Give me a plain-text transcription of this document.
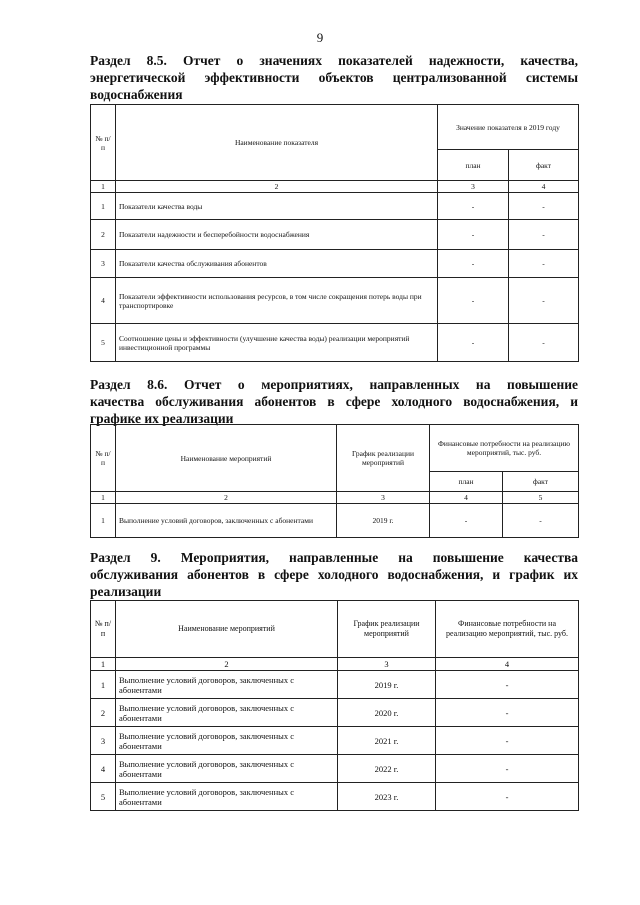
9
Раздел 8.5. Отчет о значениях показателей надежности, качества,
энергетической эффективности объектов централизованной системы
водоснабжения
№ п/п	Наименование показателя	Значение показателя в 2019 году	
		план	факт
1	2	3	4
1	Показатели качества воды	-	-
2	Показатели надежности и бесперебойности водоснабжения	-	-
3	Показатели качества обслуживания абонентов	-	-
4	Показатели эффективности использования ресурсов, в том числе сокращения потерь воды при транспортировке	-	-
5	Соотношение цены и эффективности (улучшение качества воды) реализации мероприятий инвестиционной программы	-	-
Раздел 8.6. Отчет о мероприятиях, направленных на повышение
качества обслуживания абонентов в сфере холодного водоснабжения, и
графике их реализации
№ п/п	Наименование мероприятий	График реализации мероприятий	Финансовые потребности на реализацию мероприятий, тыс. руб.	
			план	факт
1	2	3	4	5
1	Выполнение условий договоров, заключенных с абонентами	2019 г.	-	-
Раздел 9. Мероприятия, направленные на повышение качества
обслуживания абонентов в сфере холодного водоснабжения, и график их
реализации
№ п/п	Наименование мероприятий	График реализации мероприятий	Финансовые потребности на реализацию мероприятий, тыс. руб.
1	2	3	4
1	Выполнение условий договоров, заключенных с абонентами	2019 г.	-
2	Выполнение условий договоров, заключенных с абонентами	2020 г.	-
3	Выполнение условий договоров, заключенных с абонентами	2021 г.	-
4	Выполнение условий договоров, заключенных с абонентами	2022 г.	-
5	Выполнение условий договоров, заключенных с абонентами	2023 г.	-
